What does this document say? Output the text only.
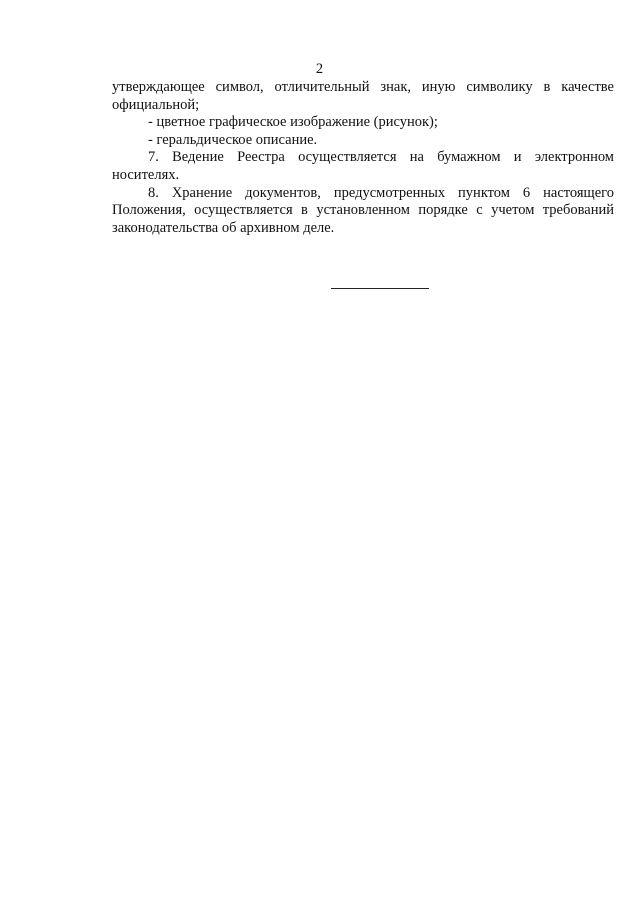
2

утверждающее символ, отличительный знак, иную символику в качестве официальной;

- цветное графическое изображение (рисунок);

- геральдическое описание.

7. Ведение Реестра осуществляется на бумажном и электронном носителях.

8. Хранение документов, предусмотренных пунктом 6 настоящего Положения, осуществляется в установленном порядке с учетом требований законодательства об архивном деле.
